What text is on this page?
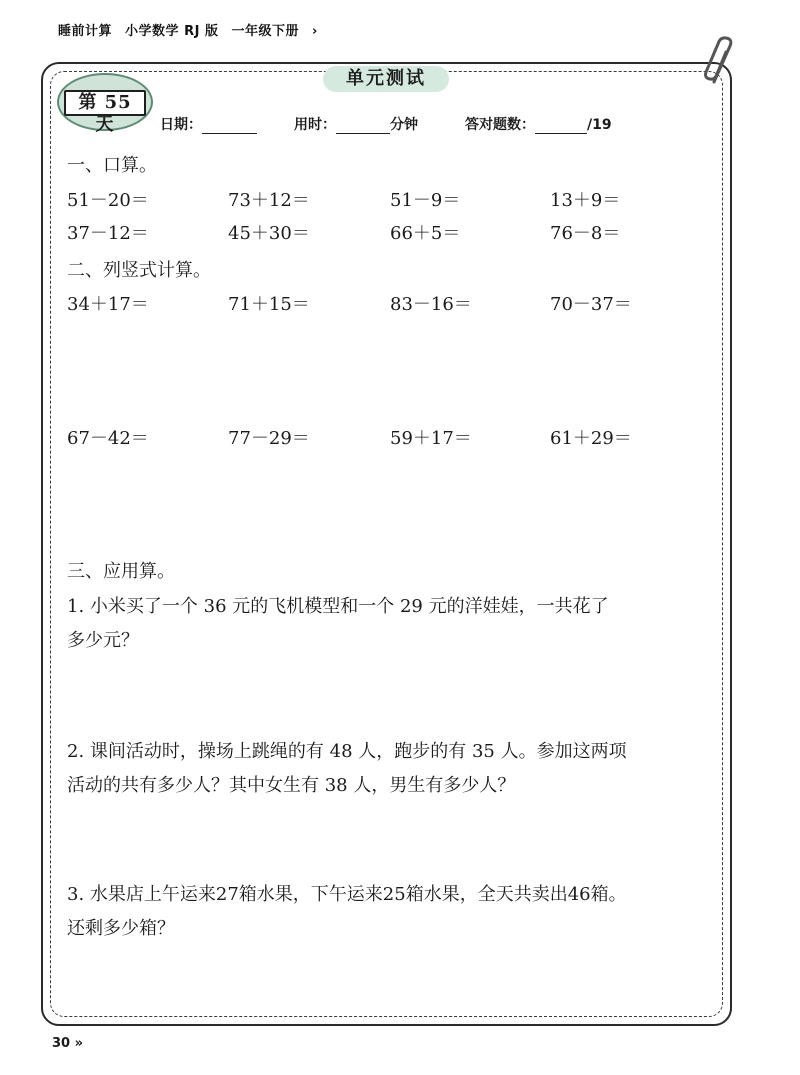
睡前计算 小学数学 RJ 版 一年级下册 ›
第 55 天
单元测试
日期：	用时：	分钟	答对题数：	/19
一、口算。
51－20＝	73＋12＝	51－9＝	13＋9＝
37－12＝	45＋30＝	66＋5＝	76－8＝
二、列竖式计算。
34＋17＝	71＋15＝	83－16＝	70－37＝
67－42＝	77－29＝	59＋17＝	61＋29＝
三、应用算。
1. 小米买了一个 36 元的飞机模型和一个 29 元的洋娃娃，一共花了
多少元？
2. 课间活动时，操场上跳绳的有 48 人，跑步的有 35 人。参加这两项
活动的共有多少人？其中女生有 38 人，男生有多少人？
3. 水果店上午运来27箱水果，下午运来25箱水果，全天共卖出46箱。
还剩多少箱？
30 »
